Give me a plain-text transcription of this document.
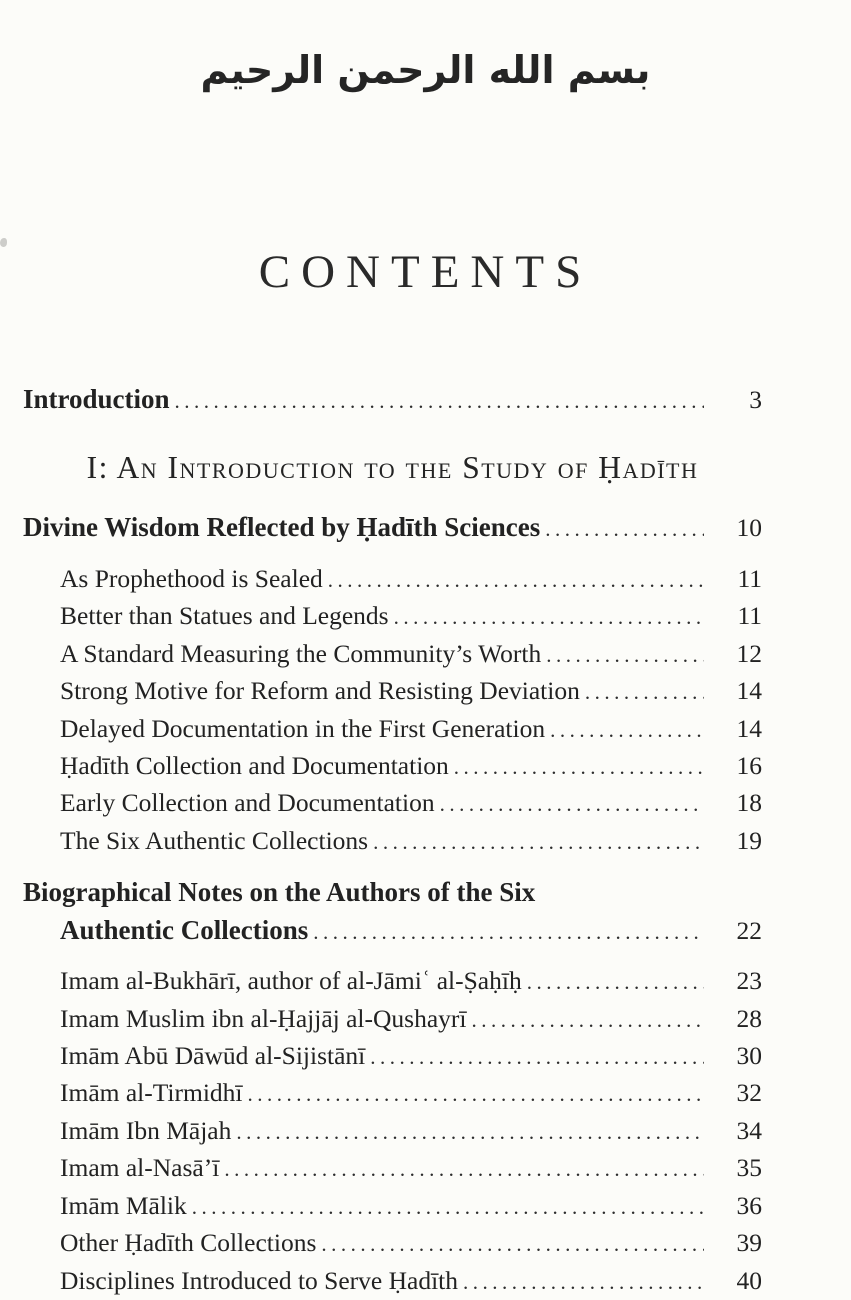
بسم الله الرحمن الرحيم
CONTENTS
Introduction .....	3
I: An Introduction to the Study of Ḥadīth
Divine Wisdom Reflected by Ḥadīth Sciences .....	10
As Prophethood is Sealed .....	11
Better than Statues and Legends .....	11
A Standard Measuring the Community’s Worth .....	12
Strong Motive for Reform and Resisting Deviation .....	14
Delayed Documentation in the First Generation .....	14
Ḥadīth Collection and Documentation .....	16
Early Collection and Documentation .....	18
The Six Authentic Collections .....	19
Biographical Notes on the Authors of the Six
Authentic Collections .....	22
Imam al-Bukhārī, author of al-Jāmiʿ al-Ṣaḥīḥ .....	23
Imam Muslim ibn al-Ḥajjāj al-Qushayrī .....	28
Imām Abū Dāwūd al-Sijistānī .....	30
Imām al-Tirmidhī .....	32
Imām Ibn Mājah .....	34
Imam al-Nasā’ī .....	35
Imām Mālik .....	36
Other Ḥadīth Collections .....	39
Disciplines Introduced to Serve Ḥadīth .....	40
